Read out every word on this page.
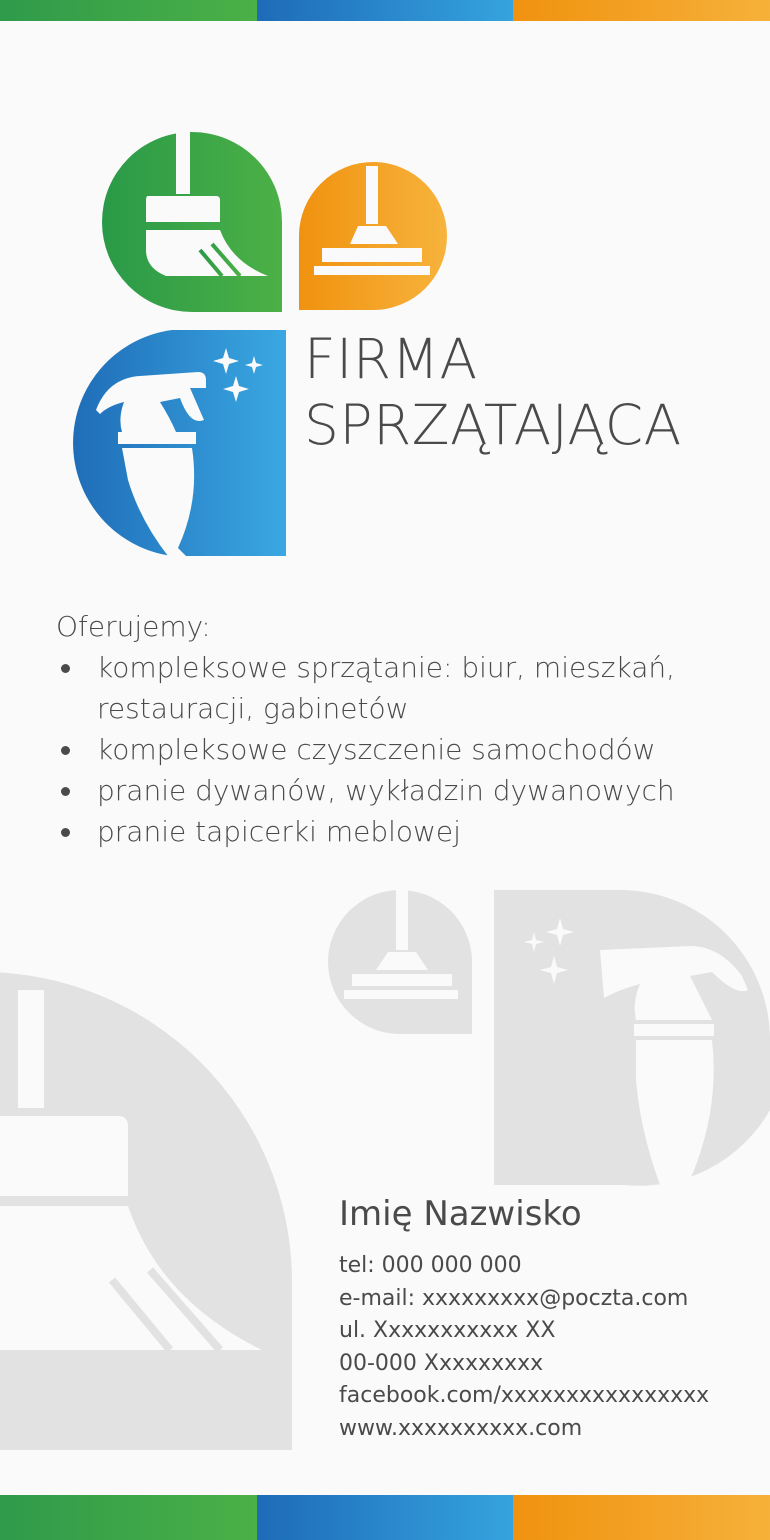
FIRMA
SPRZĄTAJĄCA
Oferujemy:
kompleksowe sprzątanie: biur, mieszkań, restauracji, gabinetów
kompleksowe czyszczenie samochodów
pranie dywanów, wykładzin dywanowych
pranie tapicerki meblowej
Imię Nazwisko
tel: 000 000 000
e-mail: xxxxxxxxx@poczta.com
ul. Xxxxxxxxxxx XX
00-000 Xxxxxxxxx
facebook.com/xxxxxxxxxxxxxxxx
www.xxxxxxxxxx.com
